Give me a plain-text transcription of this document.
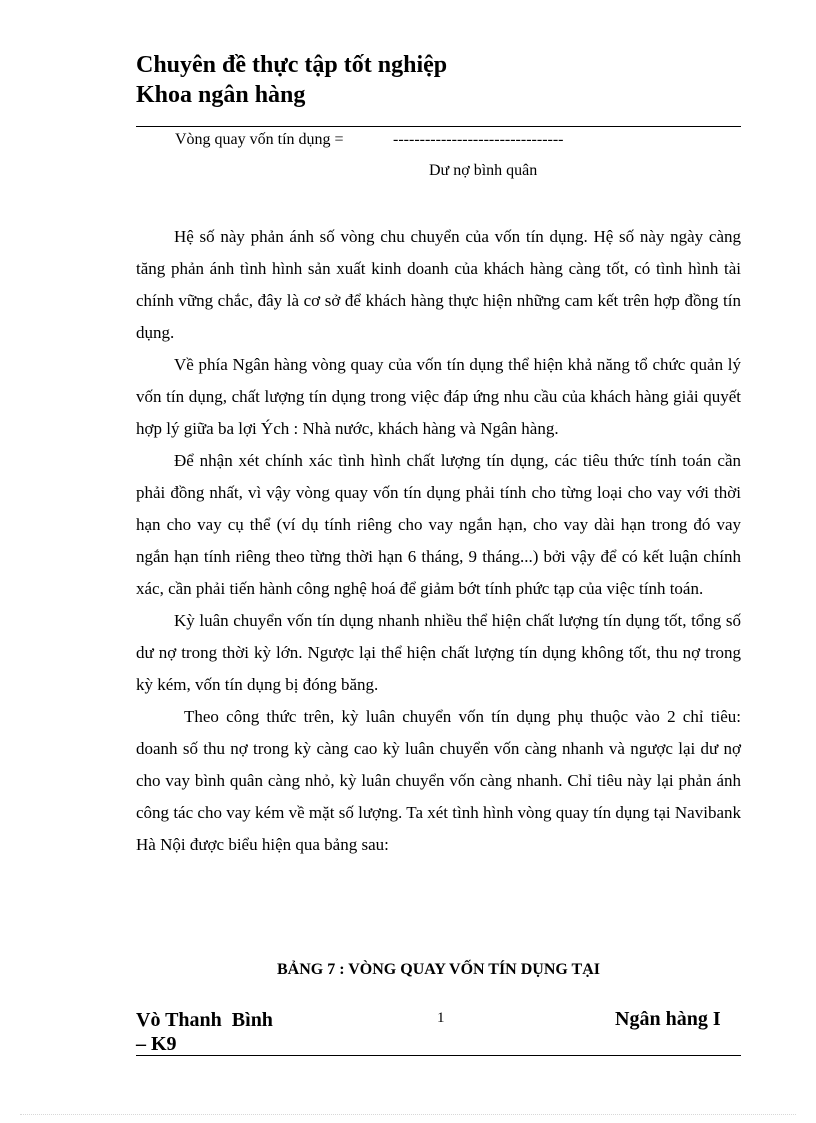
Chuyên đề thực tập tốt nghiệp
Khoa ngân hàng
Vòng quay vốn tín dụng =	--------------------------------
Dư nợ bình quân

Hệ số này phản ánh số vòng chu chuyển của vốn tín dụng. Hệ số này ngày càng tăng phản ánh tình hình sản xuất kinh doanh của khách hàng càng tốt, có tình hình tài chính vững chắc, đây là cơ sở để khách hàng thực hiện những cam kết trên hợp đồng tín dụng.

Về phía Ngân hàng vòng quay của vốn tín dụng thể hiện khả năng tổ chức quản lý vốn tín dụng, chất lượng tín dụng trong việc đáp ứng nhu cầu của khách hàng giải quyết hợp lý giữa ba lợi Ých : Nhà nước, khách hàng và Ngân hàng.

Để nhận xét chính xác tình hình chất lượng tín dụng, các tiêu thức tính toán cần phải đồng nhất, vì vậy vòng quay vốn tín dụng phải tính cho từng loại cho vay với thời hạn cho vay cụ thể (ví dụ tính riêng cho vay ngắn hạn, cho vay dài hạn trong đó vay ngắn hạn tính riêng theo từng thời hạn 6 tháng, 9 tháng...) bởi vậy để có kết luận chính xác, cần phải tiến hành công nghệ hoá để giảm bớt tính phức tạp của việc tính toán.

Kỳ luân chuyển vốn tín dụng nhanh nhiều thể hiện chất lượng tín dụng tốt, tổng số dư nợ trong thời kỳ lớn. Ngược lại thể hiện chất lượng tín dụng không tốt, thu nợ trong kỳ kém, vốn tín dụng bị đóng băng.

Theo công thức trên, kỳ luân chuyển vốn tín dụng phụ thuộc vào 2 chỉ tiêu: doanh số thu nợ trong kỳ càng cao kỳ luân chuyển vốn càng nhanh và ngược lại dư nợ cho vay bình quân càng nhỏ, kỳ luân chuyển vốn càng nhanh. Chỉ tiêu này lại phản ánh công tác cho vay kém về mặt số lượng. Ta xét tình hình vòng quay tín dụng tại Navibank Hà Nội được biểu hiện qua bảng sau:

BẢNG 7 : VÒNG QUAY VỐN TÍN DỤNG TẠI
Vò Thanh  Bình
– K9
1	Ngân hàng I
